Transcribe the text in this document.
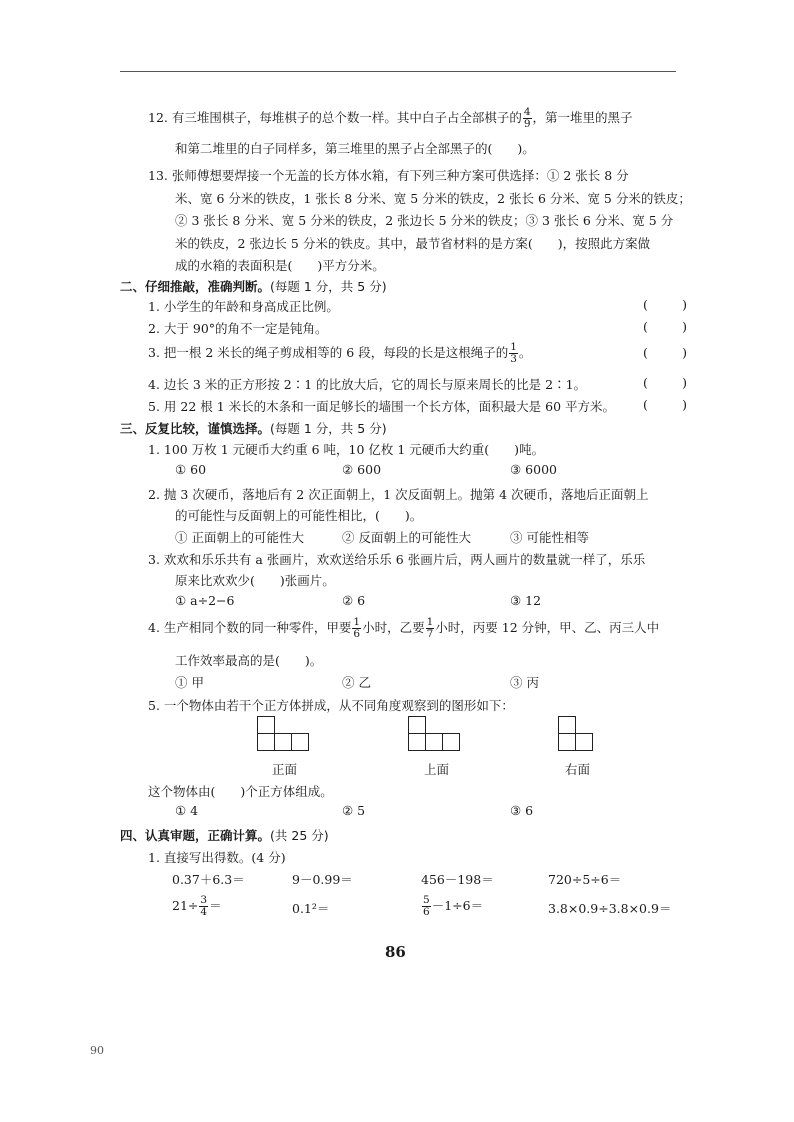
12. 有三堆围棋子，每堆棋子的总个数一样。其中白子占全部棋子的 $\frac{4}{9}$ ，第一堆里的黑子
和第二堆里的白子同样多，第三堆里的黑子占全部黑子的(　　)。
13. 张师傅想要焊接一个无盖的长方体水箱，有下列三种方案可供选择：① 2 张长 8 分
米、宽 6 分米的铁皮，1 张长 8 分米、宽 5 分米的铁皮，2 张长 6 分米、宽 5 分米的铁皮；
② 3 张长 8 分米、宽 5 分米的铁皮，2 张边长 5 分米的铁皮；③ 3 张长 6 分米、宽 5 分
米的铁皮，2 张边长 5 分米的铁皮。其中，最节省材料的是方案(　　)，按照此方案做
成的水箱的表面积是(　　)平方分米。
二、仔细推敲，准确判断。(每题 1 分，共 5 分)
1. 小学生的年龄和身高成正比例。	(	)
2. 大于 90°的角不一定是钝角。	(	)
3. 把一根 2 米长的绳子剪成相等的 6 段，每段的长是这根绳子的 $\frac{1}{3}$ 。	(	)
4. 边长 3 米的正方形按 2∶1 的比放大后，它的周长与原来周长的比是 2∶1。	(	)
5. 用 22 根 1 米长的木条和一面足够长的墙围一个长方体，面积最大是 60 平方米。 (	)
三、反复比较，谨慎选择。(每题 1 分，共 5 分)
1. 100 万枚 1 元硬币大约重 6 吨，10 亿枚 1 元硬币大约重(　　)吨。
① 60	② 600	③ 6000
2. 抛 3 次硬币，落地后有 2 次正面朝上，1 次反面朝上。抛第 4 次硬币，落地后正面朝上
的可能性与反面朝上的可能性相比，(　　)。
① 正面朝上的可能性大	② 反面朝上的可能性大	③ 可能性相等
3. 欢欢和乐乐共有 a 张画片，欢欢送给乐乐 6 张画片后，两人画片的数量就一样了，乐乐
原来比欢欢少(　　)张画片。
① a÷2−6	② 6	③ 12
4. 生产相同个数的同一种零件，甲要 $\frac{1}{6}$ 小时，乙要 $\frac{1}{7}$ 小时，丙要 12 分钟，甲、乙、丙三人中
工作效率最高的是(　　)。
① 甲	② 乙	③ 丙
5. 一个物体由若干个正方体拼成，从不同角度观察到的图形如下：
正面	上面	右面
这个物体由(　　)个正方体组成。
① 4	② 5	③ 6
四、认真审题，正确计算。(共 25 分)
1. 直接写出得数。(4 分)
0.37＋6.3＝	9－0.99＝	456－198＝	720÷5÷6＝
$21\div \frac{3}{4}$ ＝	0.1²＝	$\frac{5}{6} -1\div 6=$	3.8×0.9÷3.8×0.9＝
86
90
